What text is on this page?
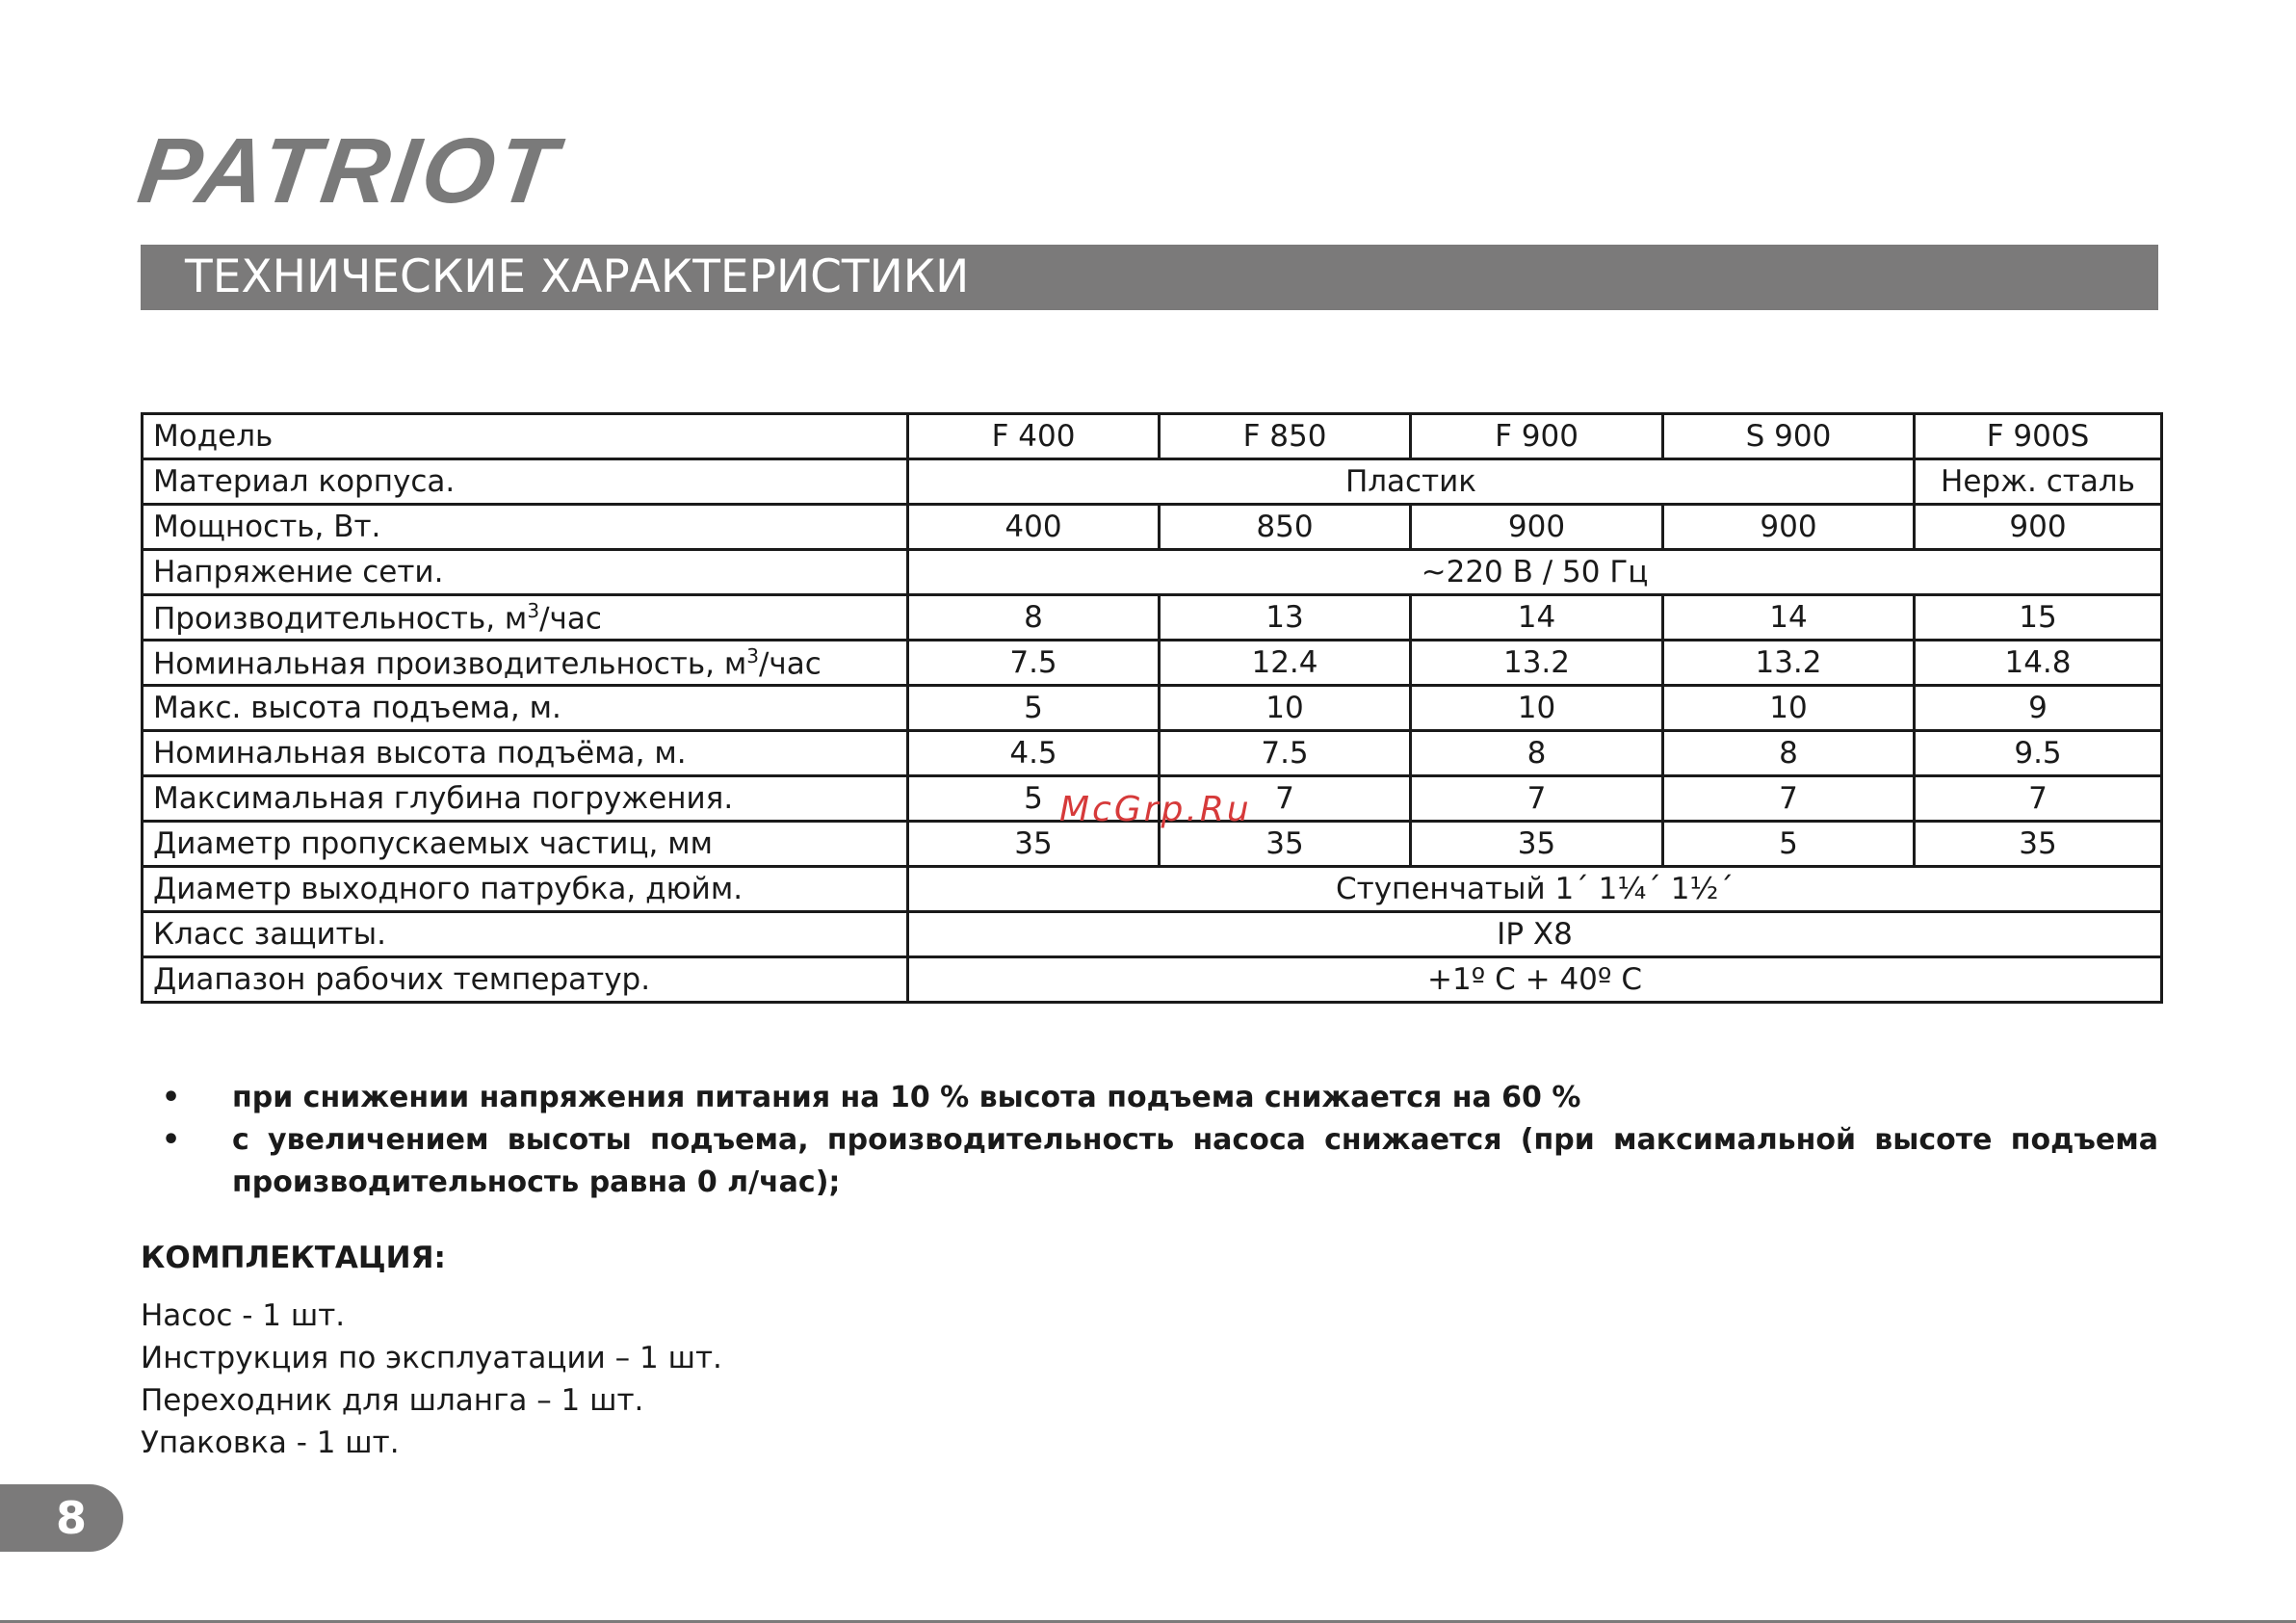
PATRIOT
ТЕХНИЧЕСКИЕ ХАРАКТЕРИСТИКИ
Модель	F 400	F 850	F 900	S 900	F 900S
Материал корпуса.	Пластик				Нерж. сталь
Мощность, Вт.	400	850	900	900	900
Напряжение сети.	~220 В / 50 Гц				
Производительность, $м^3$/час	8	13	14	14	15
Номинальная производительность, $м^3$/час	7.5	12.4	13.2	13.2	14.8
Макс. высота подъема, м.	5	10	10	10	9
Номинальная высота подъёма, м.	4.5	7.5	8	8	9.5
Максимальная глубина погружения.	5	7	7	7	7
Диаметр пропускаемых частиц, мм	35	35	35	5	35
Диаметр выходного патрубка, дюйм.	Ступенчатый 1´ 1¼´ 1½´				
Класс защиты.	IP X8				
Диапазон рабочих температур.	+1º С + 40º С				
• при снижении напряжения питания на 10 % высота подъема снижается на 60 %
• с увеличением высоты подъема, производительность насоса снижается (при максимальной высоте подъема производительность равна 0 л/час);
КОМПЛЕКТАЦИЯ:
Насос - 1 шт.
Инструкция по эксплуатации – 1 шт.
Переходник для шланга – 1 шт.
Упаковка - 1 шт.
McGrp.Ru
8
